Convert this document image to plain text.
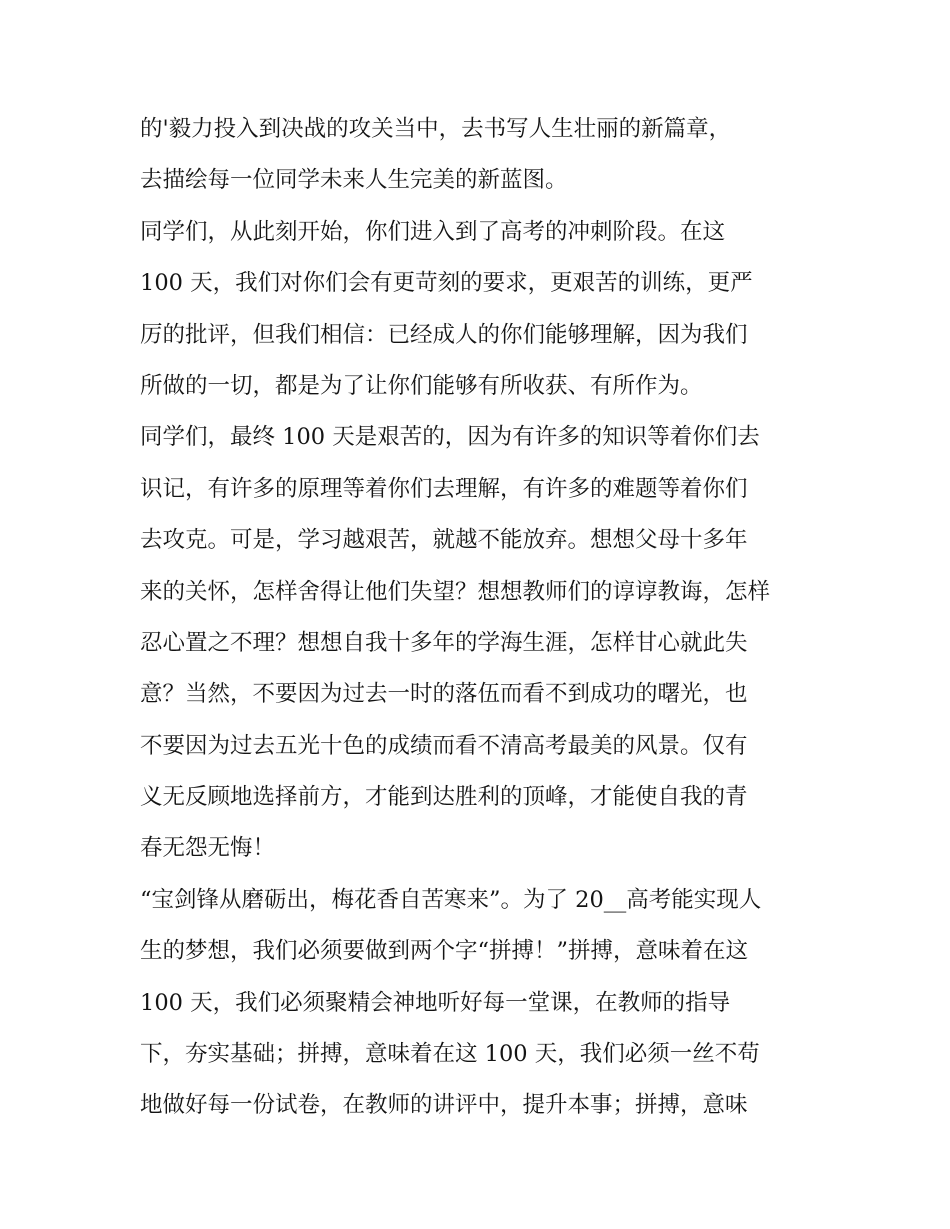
的'毅力投入到决战的攻关当中，去书写人生壮丽的新篇章，

去描绘每一位同学未来人生完美的新蓝图。

同学们，从此刻开始，你们进入到了高考的冲刺阶段。在这

100 天，我们对你们会有更苛刻的要求，更艰苦的训练，更严

厉的批评，但我们相信：已经成人的你们能够理解，因为我们

所做的一切，都是为了让你们能够有所收获、有所作为。

同学们，最终 100 天是艰苦的，因为有许多的知识等着你们去

识记，有许多的原理等着你们去理解，有许多的难题等着你们

去攻克。可是，学习越艰苦，就越不能放弃。想想父母十多年

来的关怀，怎样舍得让他们失望？想想教师们的谆谆教诲，怎样

忍心置之不理？想想自我十多年的学海生涯，怎样甘心就此失

意？当然，不要因为过去一时的落伍而看不到成功的曙光，也

不要因为过去五光十色的成绩而看不清高考最美的风景。仅有

义无反顾地选择前方，才能到达胜利的顶峰，才能使自我的青

春无怨无悔！

“宝剑锋从磨砺出，梅花香自苦寒来”。为了 20__高考能实现人

生的梦想，我们必须要做到两个字“拼搏！”拼搏，意味着在这

100 天，我们必须聚精会神地听好每一堂课，在教师的指导

下，夯实基础；拼搏，意味着在这 100 天，我们必须一丝不苟

地做好每一份试卷，在教师的讲评中，提升本事；拼搏，意味
